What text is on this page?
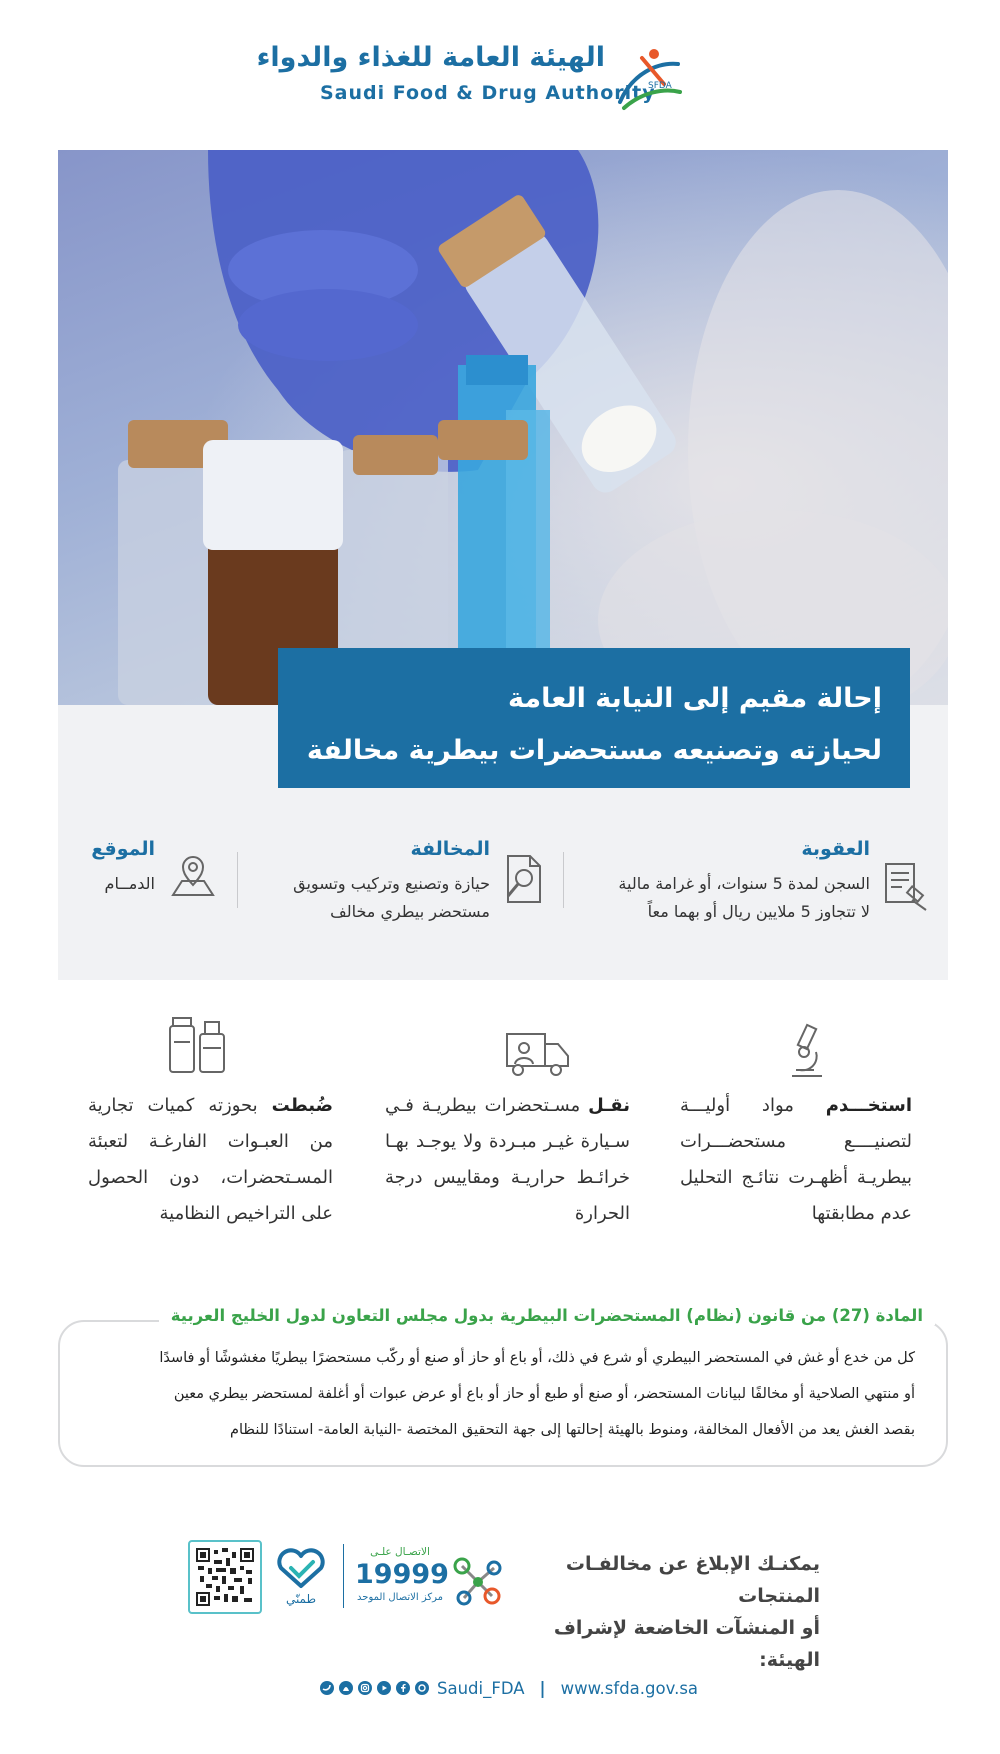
الهيئة العامة للغذاء والدواء
Saudi Food & Drug Authority
SFDA
إحالة مقيم إلى النيابة العامة
لحيازته وتصنيعه مستحضرات بيطرية مخالفة
العقوبة
السجن لمدة 5 سنوات، أو غرامة مالية
لا تتجاوز 5 ملايين ريال أو بهما معاً
المخالفة
حيازة وتصنيع وتركيب وتسويق
مستحضر بيطري مخالف
الموقع
الدمــام
استخـــدم مواد أوليـــة لتصنيــــع مستحضـــرات بيطريـة أظهـرت نتائـج التحليل عدم مطابقتها
نقـل مسـتحضرات بيطريـة فـي سـيارة غيـر مبـردة ولا يوجـد بهـا خرائـط حراريـة ومقاييس درجة الحرارة
ضُبطت بحوزته كميات تجارية من العبـوات الفارغـة لتعبئة المسـتحضرات، دون الحصول على التراخيص النظامية
المادة (27) من قانون (نظام) المستحضرات البيطرية بدول مجلس التعاون لدول الخليج العربية
كل من خدع أو غش في المستحضر البيطري أو شرع في ذلك، أو باع أو حاز أو صنع أو ركّب مستحضرًا بيطريًا مغشوشًا أو فاسدًا
أو منتهي الصلاحية أو مخالفًا لبيانات المستحضر، أو صنع أو طبع أو حاز أو باع أو عرض عبوات أو أغلفة لمستحضر بيطري معين
بقصد الغش يعد من الأفعال المخالفة، ومنوط بالهيئة إحالتها إلى جهة التحقيق المختصة -النيابة العامة- استنادًا للنظام
يمكنـك الإبلاغ عن مخالفـات المنتجات
أو المنشآت الخاضعة لإشراف الهيئة:
الاتصـال علـى
19999
مركز الاتصال الموحد
طمنّي
Saudi_FDA | www.sfda.gov.sa
